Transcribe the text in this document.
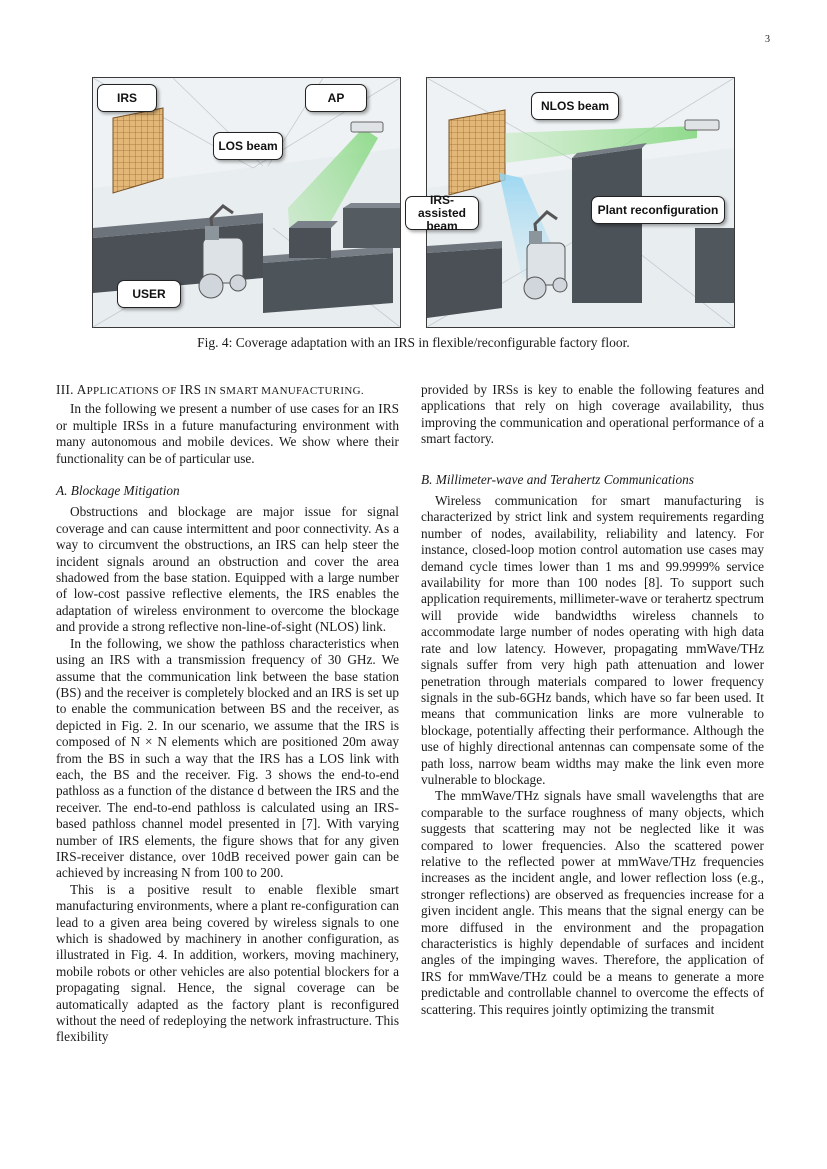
3
IRS	AP
LOS beam
USER
NLOS beam
IRS-assisted
beam
Plant reconfiguration
Fig. 4: Coverage adaptation with an IRS in flexible/reconfigurable factory floor.
III. APPLICATIONS OF IRS IN SMART MANUFACTURING.

In the following we present a number of use cases for an IRS or multiple IRSs in a future manufacturing environment with many autonomous and mobile devices. We show where their functionality can be of particular use.

A. Blockage Mitigation

Obstructions and blockage are major issue for signal coverage and can cause intermittent and poor connectivity. As a way to circumvent the obstructions, an IRS can help steer the incident signals around an obstruction and cover the area shadowed from the base station. Equipped with a large number of low-cost passive reflective elements, the IRS enables the adaptation of wireless environment to overcome the blockage and provide a strong reflective non-line-of-sight (NLOS) link.

In the following, we show the pathloss characteristics when using an IRS with a transmission frequency of 30 GHz. We assume that the communication link between the base station (BS) and the receiver is completely blocked and an IRS is set up to enable the communication between BS and the receiver, as depicted in Fig. 2. In our scenario, we assume that the IRS is composed of N × N elements which are positioned 20m away from the BS in such a way that the IRS has a LOS link with each, the BS and the receiver. Fig. 3 shows the end-to-end pathloss as a function of the distance d between the IRS and the receiver. The end-to-end pathloss is calculated using an IRS-based pathloss channel model presented in [7]. With varying number of IRS elements, the figure shows that for any given IRS-receiver distance, over 10dB received power gain can be achieved by increasing N from 100 to 200.

This is a positive result to enable flexible smart manufacturing environments, where a plant re-configuration can lead to a given area being covered by wireless signals to one which is shadowed by machinery in another configuration, as illustrated in Fig. 4. In addition, workers, moving machinery, mobile robots or other vehicles are also potential blockers for a propagating signal. Hence, the signal coverage can be automatically adapted as the factory plant is reconfigured without the need of redeploying the network infrastructure. This flexibility

provided by IRSs is key to enable the following features and applications that rely on high coverage availability, thus improving the communication and operational performance of a smart factory.

B. Millimeter-wave and Terahertz Communications

Wireless communication for smart manufacturing is characterized by strict link and system requirements regarding number of nodes, availability, reliability and latency. For instance, closed-loop motion control automation use cases may demand cycle times lower than 1 ms and 99.9999% service availability for more than 100 nodes [8]. To support such application requirements, millimeter-wave or terahertz spectrum will provide wide bandwidths wireless channels to accommodate large number of nodes operating with high data rate and low latency. However, propagating mmWave/THz signals suffer from very high path attenuation and lower penetration through materials compared to lower frequency signals in the sub-6GHz bands, which have so far been used. It means that communication links are more vulnerable to blockage, potentially affecting their performance. Although the use of highly directional antennas can compensate some of the path loss, narrow beam widths may make the link even more vulnerable to blockage.

The mmWave/THz signals have small wavelengths that are comparable to the surface roughness of many objects, which suggests that scattering may not be neglected like it was compared to lower frequencies. Also the scattered power relative to the reflected power at mmWave/THz frequencies increases as the incident angle, and lower reflection loss (e.g., stronger reflections) are observed as frequencies increase for a given incident angle. This means that the signal energy can be more diffused in the environment and the propagation characteristics is highly dependable of surfaces and incident angles of the impinging waves. Therefore, the application of IRS for mmWave/THz could be a means to generate a more predictable and controllable channel to overcome the effects of scattering. This requires jointly optimizing the transmit
